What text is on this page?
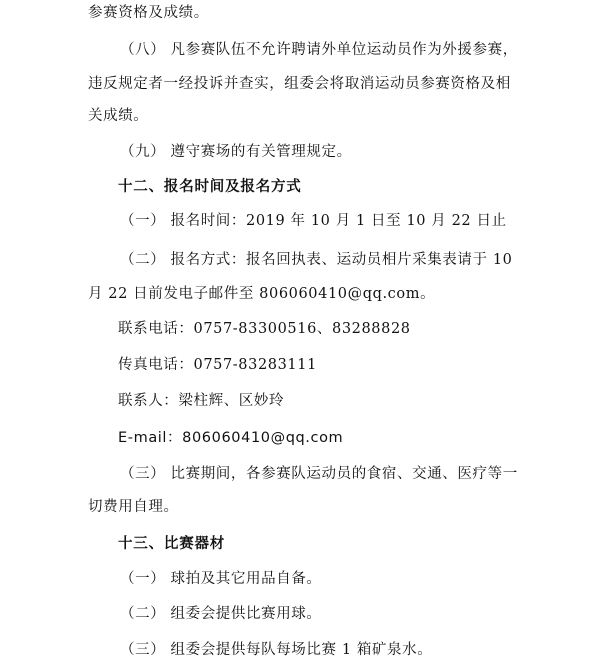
参赛资格及成绩。
（八） 凡参赛队伍不允许聘请外单位运动员作为外援参赛，
违反规定者一经投诉并查实，组委会将取消运动员参赛资格及相
关成绩。
（九） 遵守赛场的有关管理规定。
十二、报名时间及报名方式
（一） 报名时间：2019 年 10 月 1 日至 10 月 22 日止
（二） 报名方式：报名回执表、运动员相片采集表请于 10
月 22 日前发电子邮件至 806060410@qq.com。
联系电话：0757-83300516、83288828
传真电话：0757-83283111
联系人：梁柱辉、区妙玲
E-mail：806060410@qq.com
（三） 比赛期间，各参赛队运动员的食宿、交通、医疗等一
切费用自理。
十三、比赛器材
（一） 球拍及其它用品自备。
（二） 组委会提供比赛用球。
（三） 组委会提供每队每场比赛 1 箱矿泉水。
